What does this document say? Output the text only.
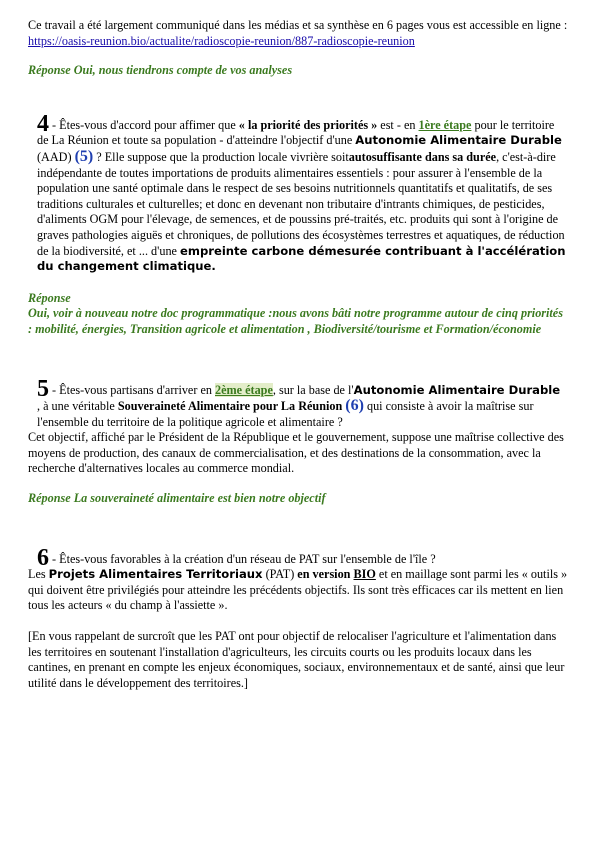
Ce travail a été largement communiqué dans les médias et sa synthèse en 6 pages vous est accessible en ligne : https://oasis-reunion.bio/actualite/radioscopie-reunion/887-radioscopie-reunion

Réponse Oui, nous tiendrons compte de vos analyses

4 - Êtes-vous d'accord pour affimer que « la priorité des priorités » est - en 1ère étape pour le territoire de La Réunion et toute sa population - d'atteindre l'objectif d'une Autonomie Alimentaire Durable (AAD) (5) ? Elle suppose que la production locale vivrière soitautosuffisante dans sa durée, c'est-à-dire indépendante de toutes importations de produits alimentaires essentiels : pour assurer à l'ensemble de la population une santé optimale dans le respect de ses besoins nutritionnels quantitatifs et qualitatifs, de ses traditions culturales et culturelles; et donc en devenant non tributaire d'intrants chimiques, de pesticides, d'aliments OGM pour l'élevage, de semences, et de poussins pré-traités, etc. produits qui sont à l'origine de graves pathologies aiguës et chroniques, de pollutions des écosystèmes terrestres et aquatiques, de réduction de la biodiversité, et ... d'une empreinte carbone démesurée contribuant à l'accélération du changement climatique.

Réponse

Oui, voir à nouveau notre doc programmatique :nous avons bâti notre programme autour de cinq priorités : mobilité, énergies, Transition agricole et alimentation , Biodiversité/tourisme et Formation/économie

5 - Êtes-vous partisans d'arriver en 2ème étape, sur la base de l'Autonomie Alimentaire Durable
, à une véritable Souveraineté Alimentaire pour La Réunion (6) qui consiste à avoir la maîtrise sur l'ensemble du territoire de la politique agricole et alimentaire ?

Cet objectif, affiché par le Président de la République et le gouvernement, suppose une maîtrise collective des moyens de production, des canaux de commercialisation, et des destinations de la consommation, avec la recherche d'alternatives locales au commerce mondial.

Réponse La souveraineté alimentaire est bien notre objectif

6 - Êtes-vous favorables à la création d'un réseau de PAT sur l'ensemble de l'île ?

Les Projets Alimentaires Territoriaux (PAT) en version BIO et en maillage sont parmi les « outils » qui doivent être privilégiés pour atteindre les précédents objectifs. Ils sont très efficaces car ils mettent en lien tous les acteurs « du champ à l'assiette ».

[En vous rappelant de surcroît que les PAT ont pour objectif de relocaliser l'agriculture et l'alimentation dans les territoires en soutenant l'installation d'agriculteurs, les circuits courts ou les produits locaux dans les cantines, en prenant en compte les enjeux économiques, sociaux, environnementaux et de santé, ainsi que leur utilité dans le développement des territoires.]
